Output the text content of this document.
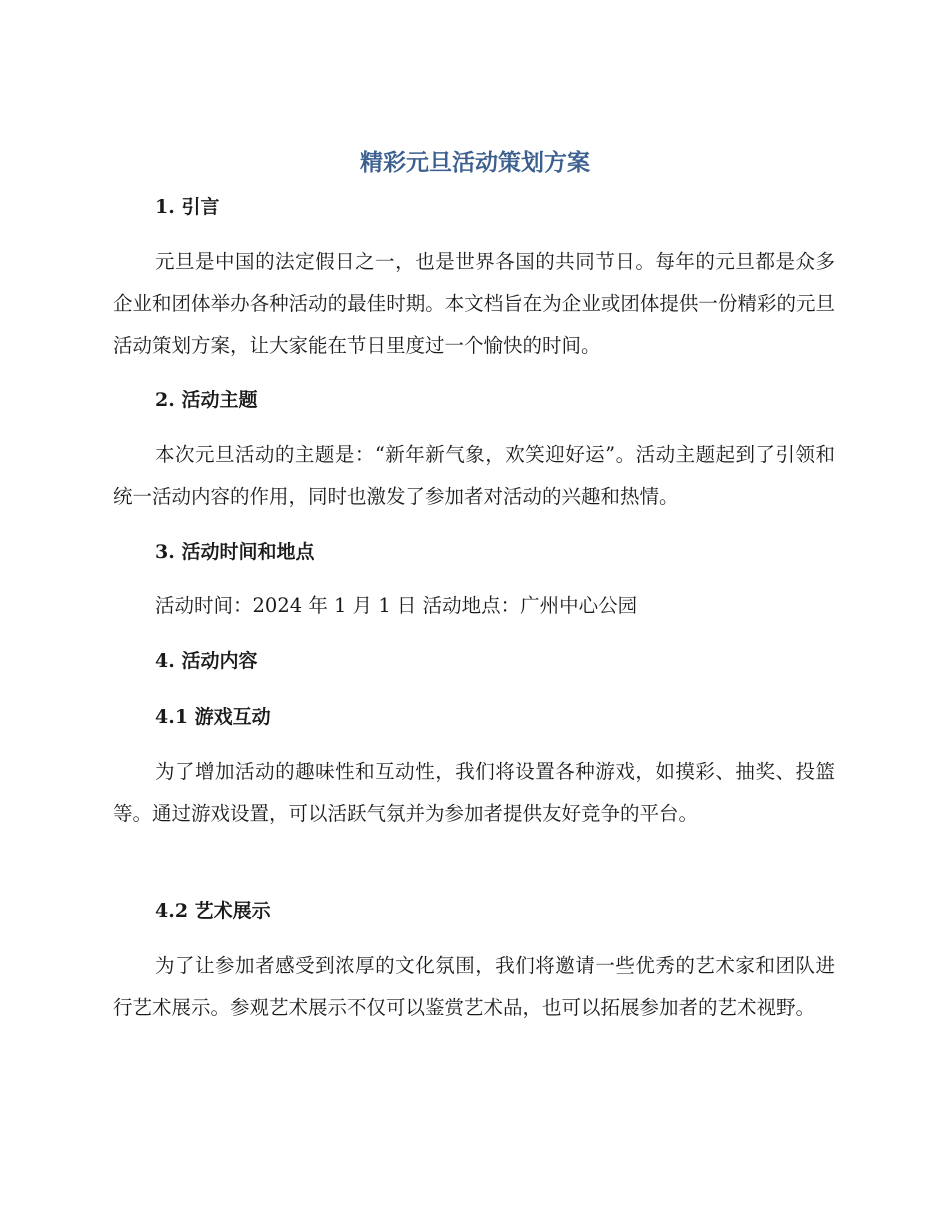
精彩元旦活动策划方案
1. 引言

元旦是中国的法定假日之一，也是世界各国的共同节日。每年的元旦都是众多企业和团体举办各种活动的最佳时期。本文档旨在为企业或团体提供一份精彩的元旦活动策划方案，让大家能在节日里度过一个愉快的时间。

2. 活动主题

本次元旦活动的主题是：“新年新气象，欢笑迎好运”。活动主题起到了引领和统一活动内容的作用，同时也激发了参加者对活动的兴趣和热情。

3. 活动时间和地点

活动时间：2024 年 1 月 1 日 活动地点：广州中心公园

4. 活动内容
4.1 游戏互动

为了增加活动的趣味性和互动性，我们将设置各种游戏，如摸彩、抽奖、投篮等。通过游戏设置，可以活跃气氛并为参加者提供友好竞争的平台。

4.2 艺术展示

为了让参加者感受到浓厚的文化氛围，我们将邀请一些优秀的艺术家和团队进行艺术展示。参观艺术展示不仅可以鉴赏艺术品，也可以拓展参加者的艺术视野。
